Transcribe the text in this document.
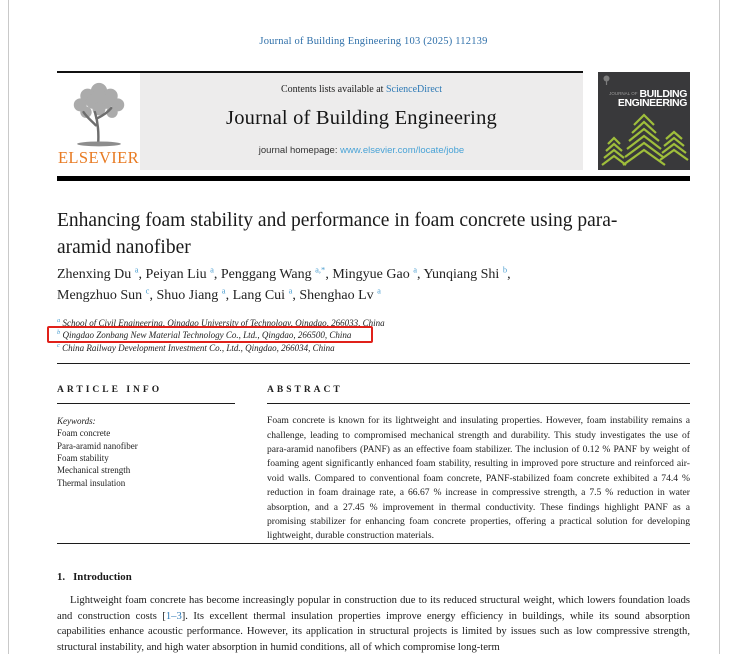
Journal of Building Engineering 103 (2025) 112139
ELSEVIER
Contents lists available at ScienceDirect
Journal of Building Engineering
journal homepage: www.elsevier.com/locate/jobe
JOURNAL OF BUILDING
ENGINEERING
Enhancing foam stability and performance in foam concrete using para-aramid nanofiber
Zhenxing Du $^a$, Peiyan Liu $^a$, Penggang Wang $^{a,*}$, Mingyue Gao $^a$, Yunqiang Shi $^b$,
Mengzhuo Sun $^c$, Shuo Jiang $^a$, Lang Cui $^a$, Shenghao Lv $^a$
$^a$ School of Civil Engineering, Qingdao University of Technology, Qingdao, 266033, China
$^b$ Qingdao Zonbang New Material Technology Co., Ltd., Qingdao, 266500, China
$^c$ China Railway Development Investment Co., Ltd., Qingdao, 266034, China
ARTICLE INFO
Keywords:
Foam concrete
Para-aramid nanofiber
Foam stability
Mechanical strength
Thermal insulation
ABSTRACT

Foam concrete is known for its lightweight and insulating properties. However, foam instability remains a challenge, leading to compromised mechanical strength and durability. This study investigates the use of para-aramid nanofibers (PANF) as an effective foam stabilizer. The inclusion of 0.12 % PANF by weight of foaming agent significantly enhanced foam stability, resulting in improved pore structure and reinforced air-void walls. Compared to conventional foam concrete, PANF-stabilized foam concrete exhibited a 74.4 % reduction in foam drainage rate, a 66.67 % increase in compressive strength, a 7.5 % reduction in water absorption, and a 27.45 % improvement in thermal conductivity. These findings highlight PANF as a promising stabilizer for enhancing foam concrete properties, offering a practical solution for developing lightweight, durable construction materials.

1. Introduction

Lightweight foam concrete has become increasingly popular in construction due to its reduced structural weight, which lowers foundation loads and construction costs [1–3]. Its excellent thermal insulation properties improve energy efficiency in buildings, while its sound absorption capabilities enhance acoustic performance. However, its application in structural projects is limited by issues such as low compressive strength, structural instability, and high water absorption in humid conditions, all of which compromise long-term
